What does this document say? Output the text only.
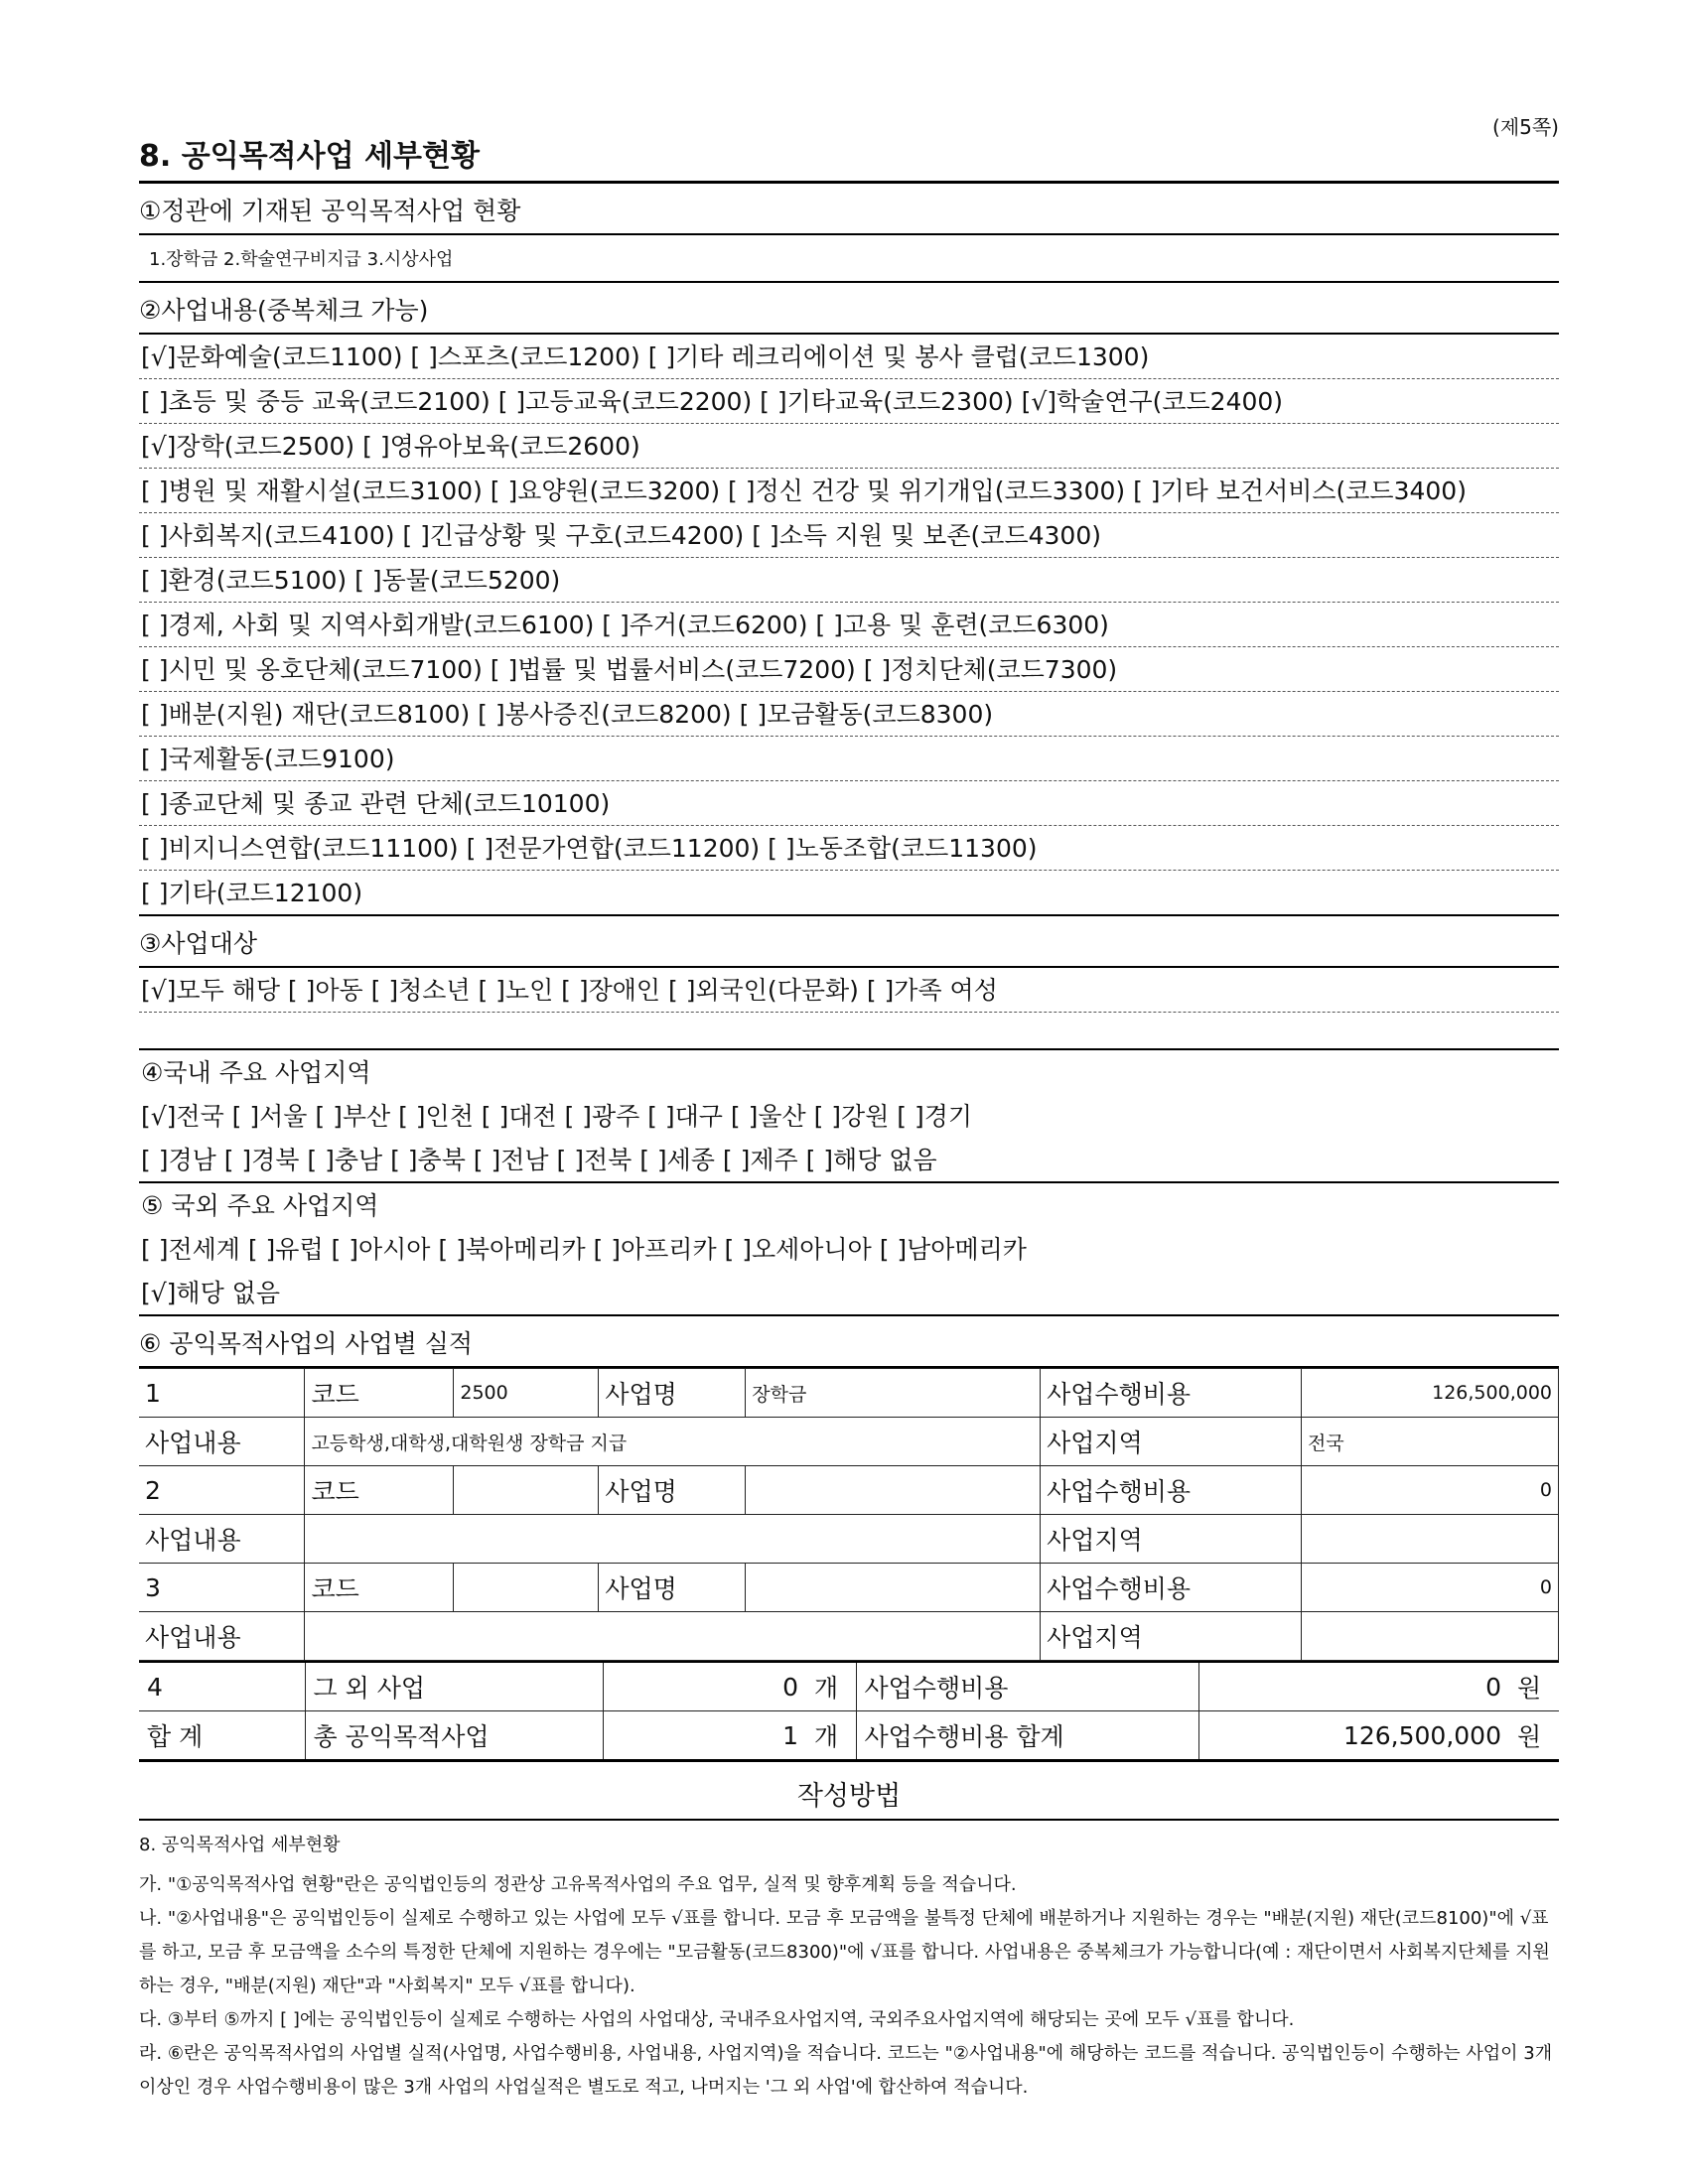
(제5쪽)
8. 공익목적사업 세부현황
①정관에 기재된 공익목적사업 현황
1.장학금 2.학술연구비지급 3.시상사업
②사업내용(중복체크 가능)
[√]문화예술(코드1100) [ ]스포츠(코드1200) [ ]기타 레크리에이션 및 봉사 클럽(코드1300)
[ ]초등 및 중등 교육(코드2100) [ ]고등교육(코드2200) [ ]기타교육(코드2300) [√]학술연구(코드2400)
[√]장학(코드2500) [ ]영유아보육(코드2600)
[ ]병원 및 재활시설(코드3100) [ ]요양원(코드3200) [ ]정신 건강 및 위기개입(코드3300) [ ]기타 보건서비스(코드3400)
[ ]사회복지(코드4100) [ ]긴급상황 및 구호(코드4200) [ ]소득 지원 및 보존(코드4300)
[ ]환경(코드5100) [ ]동물(코드5200)
[ ]경제, 사회 및 지역사회개발(코드6100) [ ]주거(코드6200) [ ]고용 및 훈련(코드6300)
[ ]시민 및 옹호단체(코드7100) [ ]법률 및 법률서비스(코드7200) [ ]정치단체(코드7300)
[ ]배분(지원) 재단(코드8100) [ ]봉사증진(코드8200) [ ]모금활동(코드8300)
[ ]국제활동(코드9100)
[ ]종교단체 및 종교 관련 단체(코드10100)
[ ]비지니스연합(코드11100) [ ]전문가연합(코드11200) [ ]노동조합(코드11300)
[ ]기타(코드12100)
③사업대상
[√]모두 해당 [ ]아동 [ ]청소년 [ ]노인 [ ]장애인 [ ]외국인(다문화) [ ]가족 여성
④국내 주요 사업지역
[√]전국 [ ]서울 [ ]부산 [ ]인천 [ ]대전 [ ]광주 [ ]대구 [ ]울산 [ ]강원 [ ]경기
[ ]경남 [ ]경북 [ ]충남 [ ]충북 [ ]전남 [ ]전북 [ ]세종 [ ]제주 [ ]해당 없음
⑤ 국외 주요 사업지역
[ ]전세계 [ ]유럽 [ ]아시아 [ ]북아메리카 [ ]아프리카 [ ]오세아니아 [ ]남아메리카
[√]해당 없음
⑥ 공익목적사업의 사업별 실적
1	코드	2500	사업명	장학금	사업수행비용	126,500,000
사업내용	고등학생,대학생,대학원생 장학금 지급				사업지역	전국
2	코드		사업명		사업수행비용	0
사업내용					사업지역	
3	코드		사업명		사업수행비용	0
사업내용					사업지역	
4	그 외 사업	0	개	사업수행비용	0	원
합 계	총 공익목적사업	1	개	사업수행비용 합계	126,500,000	원
작성방법

8. 공익목적사업 세부현황

가. "①공익목적사업 현황"란은 공익법인등의 정관상 고유목적사업의 주요 업무, 실적 및 향후계획 등을 적습니다.

나. "②사업내용"은 공익법인등이 실제로 수행하고 있는 사업에 모두 √표를 합니다. 모금 후 모금액을 불특정 단체에 배분하거나 지원하는 경우는 "배분(지원) 재단(코드8100)"에 √표를 하고, 모금 후 모금액을 소수의 특정한 단체에 지원하는 경우에는 "모금활동(코드8300)"에 √표를 합니다. 사업내용은 중복체크가 가능합니다(예 : 재단이면서 사회복지단체를 지원하는 경우, "배분(지원) 재단"과 "사회복지" 모두 √표를 합니다).

다. ③부터 ⑤까지 [ ]에는 공익법인등이 실제로 수행하는 사업의 사업대상, 국내주요사업지역, 국외주요사업지역에 해당되는 곳에 모두 √표를 합니다.

라. ⑥란은 공익목적사업의 사업별 실적(사업명, 사업수행비용, 사업내용, 사업지역)을 적습니다. 코드는 "②사업내용"에 해당하는 코드를 적습니다. 공익법인등이 수행하는 사업이 3개 이상인 경우 사업수행비용이 많은 3개 사업의 사업실적은 별도로 적고, 나머지는 '그 외 사업'에 합산하여 적습니다.
